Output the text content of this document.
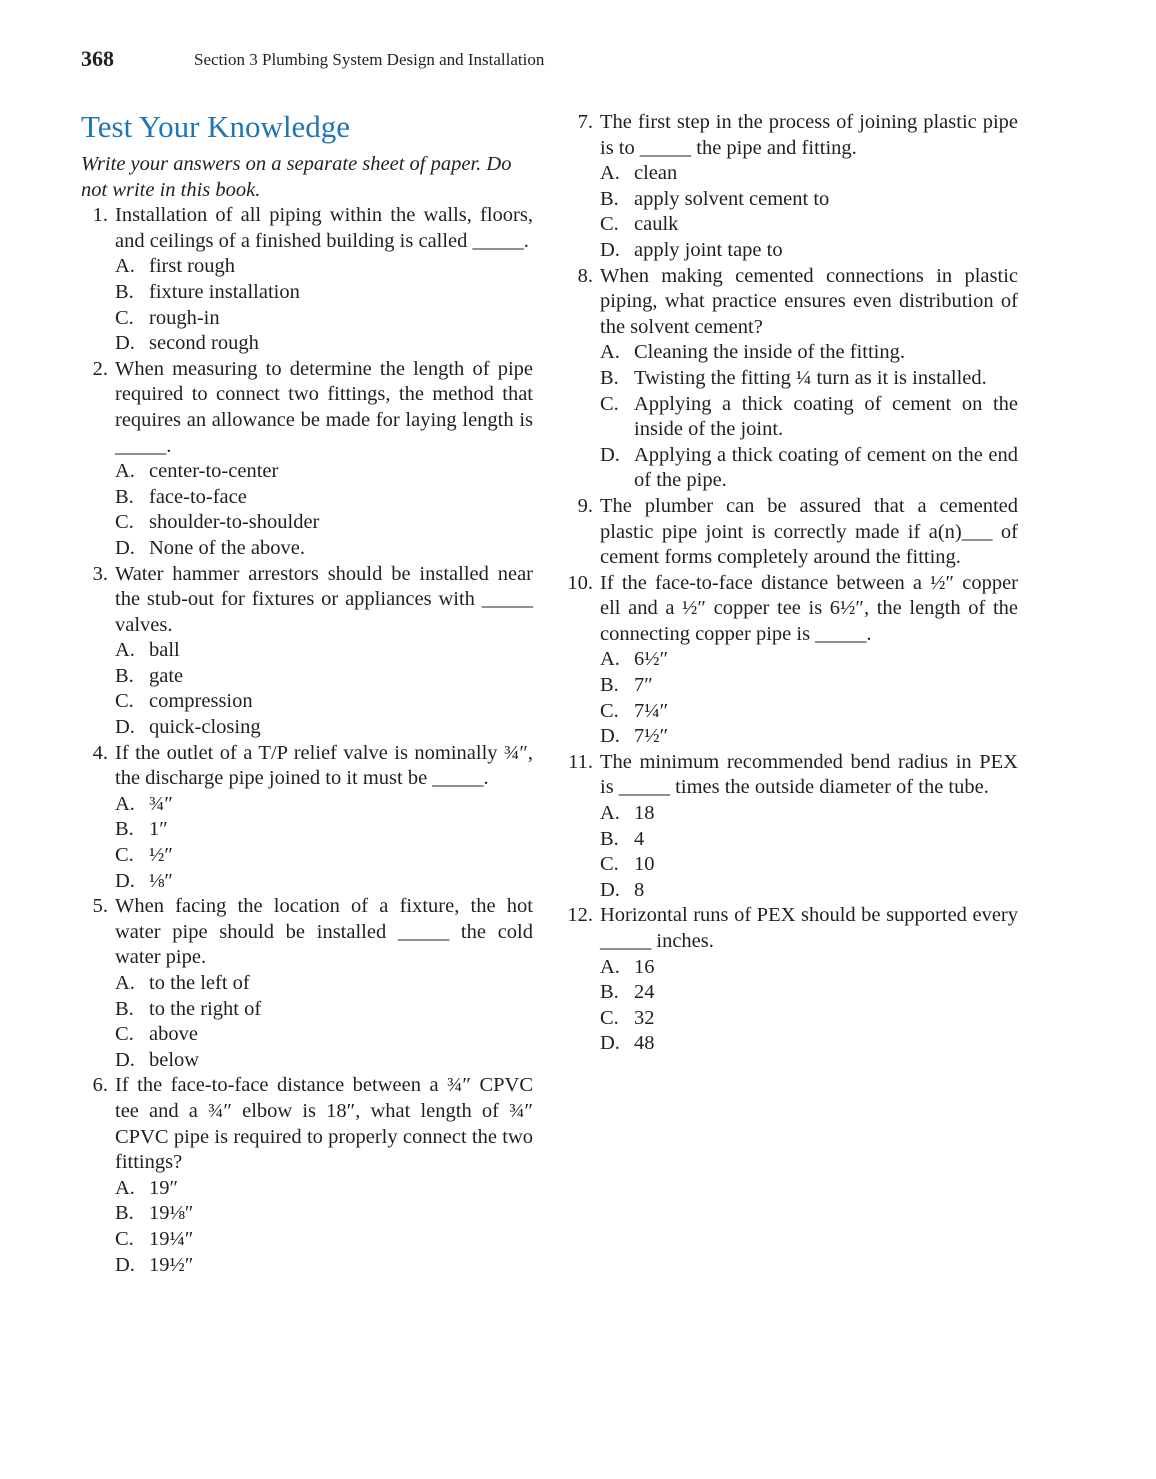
368	Section 3 Plumbing System Design and Installation
Test Your Knowledge

Write your answers on a separate sheet of paper. Do not write in this book.

1. Installation of all piping within the walls, floors, and ceilings of a finished building is called _____.
A. first rough
B. fixture installation
C. rough-in
D. second rough
2. When measuring to determine the length of pipe required to connect two fittings, the method that requires an allowance be made for laying length is _____.
A. center-to-center
B. face-to-face
C. shoulder-to-shoulder
D. None of the above.
3. Water hammer arrestors should be installed near the stub-out for fixtures or appliances with _____ valves.
A. ball
B. gate
C. compression
D. quick-closing
4. If the outlet of a T/P relief valve is nominally ¾″, the discharge pipe joined to it must be _____.
A. ¾″
B. 1″
C. ½″
D. ⅛″
5. When facing the location of a fixture, the hot water pipe should be installed _____ the cold water pipe.
A. to the left of
B. to the right of
C. above
D. below
6. If the face-to-face distance between a ¾″ CPVC tee and a ¾″ elbow is 18″, what length of ¾″ CPVC pipe is required to properly connect the two fittings?
A. 19″
B. 19⅛″
C. 19¼″
D. 19½″
7. The first step in the process of joining plastic pipe is to _____ the pipe and fitting.
A. clean
B. apply solvent cement to
C. caulk
D. apply joint tape to
8. When making cemented connections in plastic piping, what practice ensures even distribution of the solvent cement?
A. Cleaning the inside of the fitting.
B. Twisting the fitting ¼ turn as it is installed.
C. Applying a thick coating of cement on the inside of the joint.
D. Applying a thick coating of cement on the end of the pipe.
9. The plumber can be assured that a cemented plastic pipe joint is correctly made if a(n)___ of cement forms completely around the fitting.
10. If the face-to-face distance between a ½″ copper ell and a ½″ copper tee is 6½″, the length of the connecting copper pipe is _____.
A. 6½″
B. 7″
C. 7¼″
D. 7½″
11. The minimum recommended bend radius in PEX is _____ times the outside diameter of the tube.
A. 18
B. 4
C. 10
D. 8
12. Horizontal runs of PEX should be supported every _____ inches.
A. 16
B. 24
C. 32
D. 48
